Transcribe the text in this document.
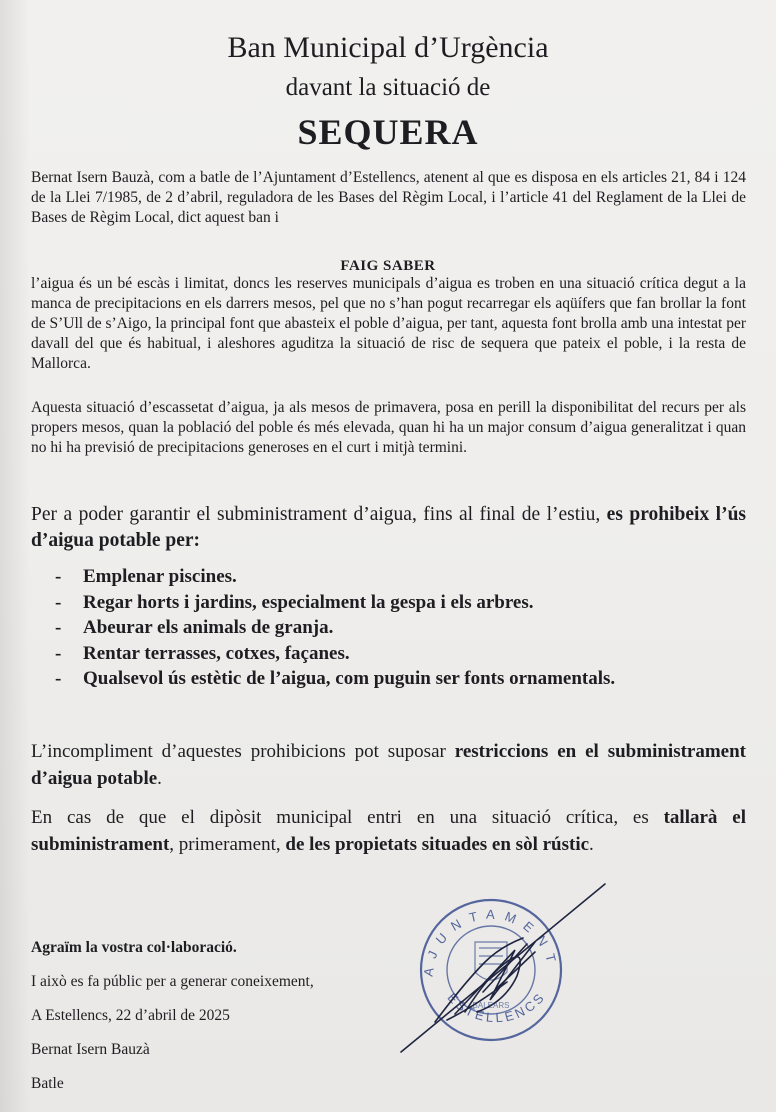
Ban Municipal d’Urgència
davant la situació de
SEQUERA
Bernat Isern Bauzà, com a batle de l’Ajuntament d’Estellencs, atenent al que es disposa en els articles 21, 84 i 124 de la Llei 7/1985, de 2 d’abril, reguladora de les Bases del Règim Local, i l’article 41 del Reglament de la Llei de Bases de Règim Local, dict aquest ban i
FAIG SABER
l’aigua és un bé escàs i limitat, doncs les reserves municipals d’aigua es troben en una situació crítica degut a la manca de precipitacions en els darrers mesos, pel que no s’han pogut recarregar els aqüífers que fan brollar la font de S’Ull de s’Aigo, la principal font que abasteix el poble d’aigua, per tant, aquesta font brolla amb una intestat per davall del que és habitual, i aleshores aguditza la situació de risc de sequera que pateix el poble, i la resta de Mallorca.
Aquesta situació d’escassetat d’aigua, ja als mesos de primavera, posa en perill la disponibilitat del recurs per als propers mesos, quan la població del poble és més elevada, quan hi ha un major consum d’aigua generalitzat i quan no hi ha previsió de precipitacions generoses en el curt i mitjà termini.
Per a poder garantir el subministrament d’aigua, fins al final de l’estiu, es prohibeix l’ús d’aigua potable per:
- Emplenar piscines.
- Regar horts i jardins, especialment la gespa i els arbres.
- Abeurar els animals de granja.
- Rentar terrasses, cotxes, façanes.
- Qualsevol ús estètic de l’aigua, com puguin ser fonts ornamentals.
L’incompliment d’aquestes prohibicions pot suposar restriccions en el subministrament d’aigua potable.
En cas de que el dipòsit municipal entri en una situació crítica, es tallarà el subministrament, primerament, de les propietats situades en sòl rústic.
Agraïm la vostra col·laboració.
I això es fa públic per a generar coneixement,
A Estellencs, 22 d’abril de 2025
Bernat Isern Bauzà
Batle
AJUNTAMENT
ESTELLENCS
BALEARS
